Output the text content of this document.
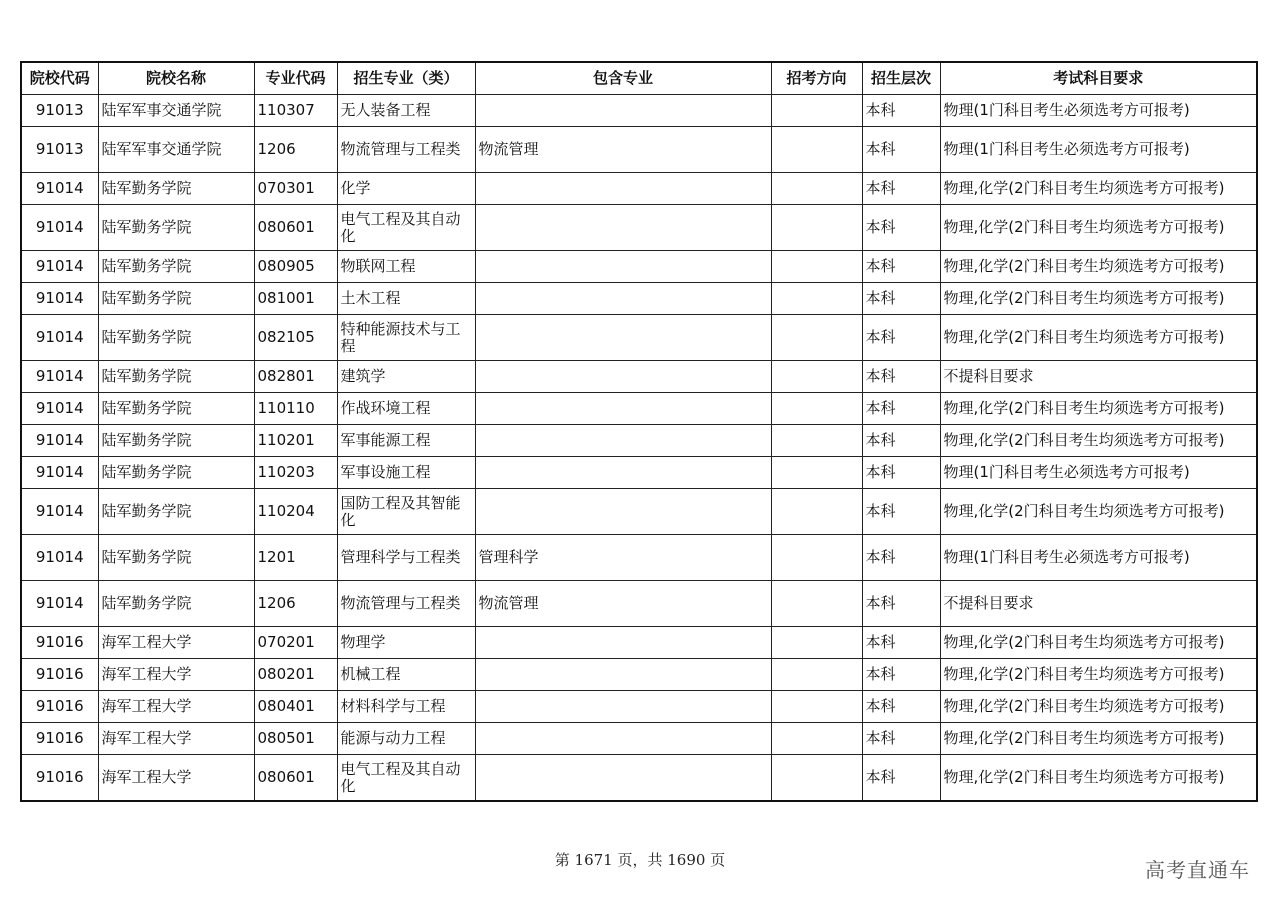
院校代码	院校名称	专业代码	招生专业（类）	包含专业	招考方向	招生层次	考试科目要求
91013	陆军军事交通学院	110307	无人装备工程			本科	物理(1门科目考生必须选考方可报考)
91013	陆军军事交通学院	1206	物流管理与工程类	物流管理		本科	物理(1门科目考生必须选考方可报考)
91014	陆军勤务学院	070301	化学			本科	物理,化学(2门科目考生均须选考方可报考)
91014	陆军勤务学院	080601	电气工程及其自动化			本科	物理,化学(2门科目考生均须选考方可报考)
91014	陆军勤务学院	080905	物联网工程			本科	物理,化学(2门科目考生均须选考方可报考)
91014	陆军勤务学院	081001	土木工程			本科	物理,化学(2门科目考生均须选考方可报考)
91014	陆军勤务学院	082105	特种能源技术与工程			本科	物理,化学(2门科目考生均须选考方可报考)
91014	陆军勤务学院	082801	建筑学			本科	不提科目要求
91014	陆军勤务学院	110110	作战环境工程			本科	物理,化学(2门科目考生均须选考方可报考)
91014	陆军勤务学院	110201	军事能源工程			本科	物理,化学(2门科目考生均须选考方可报考)
91014	陆军勤务学院	110203	军事设施工程			本科	物理(1门科目考生必须选考方可报考)
91014	陆军勤务学院	110204	国防工程及其智能化			本科	物理,化学(2门科目考生均须选考方可报考)
91014	陆军勤务学院	1201	管理科学与工程类	管理科学		本科	物理(1门科目考生必须选考方可报考)
91014	陆军勤务学院	1206	物流管理与工程类	物流管理		本科	不提科目要求
91016	海军工程大学	070201	物理学			本科	物理,化学(2门科目考生均须选考方可报考)
91016	海军工程大学	080201	机械工程			本科	物理,化学(2门科目考生均须选考方可报考)
91016	海军工程大学	080401	材料科学与工程			本科	物理,化学(2门科目考生均须选考方可报考)
91016	海军工程大学	080501	能源与动力工程			本科	物理,化学(2门科目考生均须选考方可报考)
91016	海军工程大学	080601	电气工程及其自动化			本科	物理,化学(2门科目考生均须选考方可报考)
第 1671 页，共 1690 页	高考直通车
